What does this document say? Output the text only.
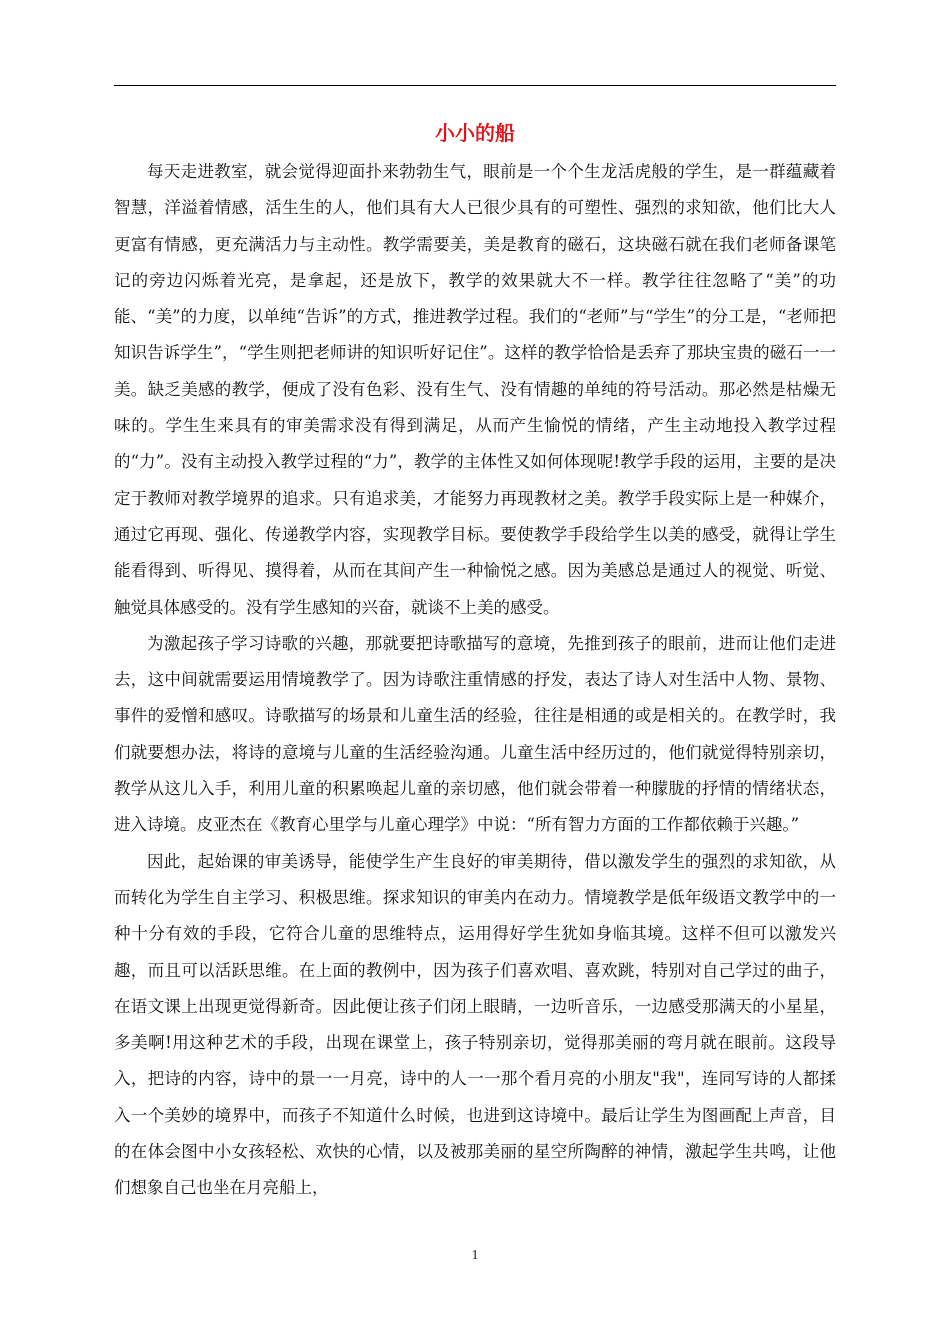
小小的船

每天走进教室，就会觉得迎面扑来勃勃生气，眼前是一个个生龙活虎般的学生，是一群蕴藏着智慧，洋溢着情感，活生生的人，他们具有大人已很少具有的可塑性、强烈的求知欲，他们比大人更富有情感，更充满活力与主动性。教学需要美，美是教育的磁石，这块磁石就在我们老师备课笔记的旁边闪烁着光亮，是拿起，还是放下，教学的效果就大不一样。教学往往忽略了“美”的功能、“美”的力度，以单纯“告诉”的方式，推进教学过程。我们的“老师”与“学生”的分工是，“老师把知识告诉学生”，“学生则把老师讲的知识听好记住”。这样的教学恰恰是丢弃了那块宝贵的磁石一一美。缺乏美感的教学，便成了没有色彩、没有生气、没有情趣的单纯的符号活动。那必然是枯燥无味的。学生生来具有的审美需求没有得到满足，从而产生愉悦的情绪，产生主动地投入教学过程的“力”。没有主动投入教学过程的“力”，教学的主体性又如何体现呢!教学手段的运用，主要的是决定于教师对教学境界的追求。只有追求美，才能努力再现教材之美。教学手段实际上是一种媒介，通过它再现、强化、传递教学内容，实现教学目标。要使教学手段给学生以美的感受，就得让学生能看得到、听得见、摸得着，从而在其间产生一种愉悦之感。因为美感总是通过人的视觉、听觉、触觉具体感受的。没有学生感知的兴奋，就谈不上美的感受。

为激起孩子学习诗歌的兴趣，那就要把诗歌描写的意境，先推到孩子的眼前，进而让他们走进去，这中间就需要运用情境教学了。因为诗歌注重情感的抒发，表达了诗人对生活中人物、景物、事件的爱憎和感叹。诗歌描写的场景和儿童生活的经验，往往是相通的或是相关的。在教学时，我们就要想办法，将诗的意境与儿童的生活经验沟通。儿童生活中经历过的，他们就觉得特别亲切，教学从这儿入手，利用儿童的积累唤起儿童的亲切感，他们就会带着一种朦胧的抒情的情绪状态，进入诗境。皮亚杰在《教育心里学与儿童心理学》中说：“所有智力方面的工作都依赖于兴趣。”

因此，起始课的审美诱导，能使学生产生良好的审美期待，借以激发学生的强烈的求知欲，从而转化为学生自主学习、积极思维。探求知识的审美内在动力。情境教学是低年级语文教学中的一种十分有效的手段，它符合儿童的思维特点，运用得好学生犹如身临其境。这样不但可以激发兴趣，而且可以活跃思维。在上面的教例中，因为孩子们喜欢唱、喜欢跳，特别对自己学过的曲子，在语文课上出现更觉得新奇。因此便让孩子们闭上眼睛，一边听音乐，一边感受那满天的小星星，多美啊!用这种艺术的手段，出现在课堂上，孩子特别亲切，觉得那美丽的弯月就在眼前。这段导入，把诗的内容，诗中的景一一月亮，诗中的人一一那个看月亮的小朋友"我"，连同写诗的人都揉入一个美妙的境界中，而孩子不知道什么时候，也进到这诗境中。最后让学生为图画配上声音，目的在体会图中小女孩轻松、欢快的心情，以及被那美丽的星空所陶醉的神情，激起学生共鸣，让他们想象自己也坐在月亮船上，

1
